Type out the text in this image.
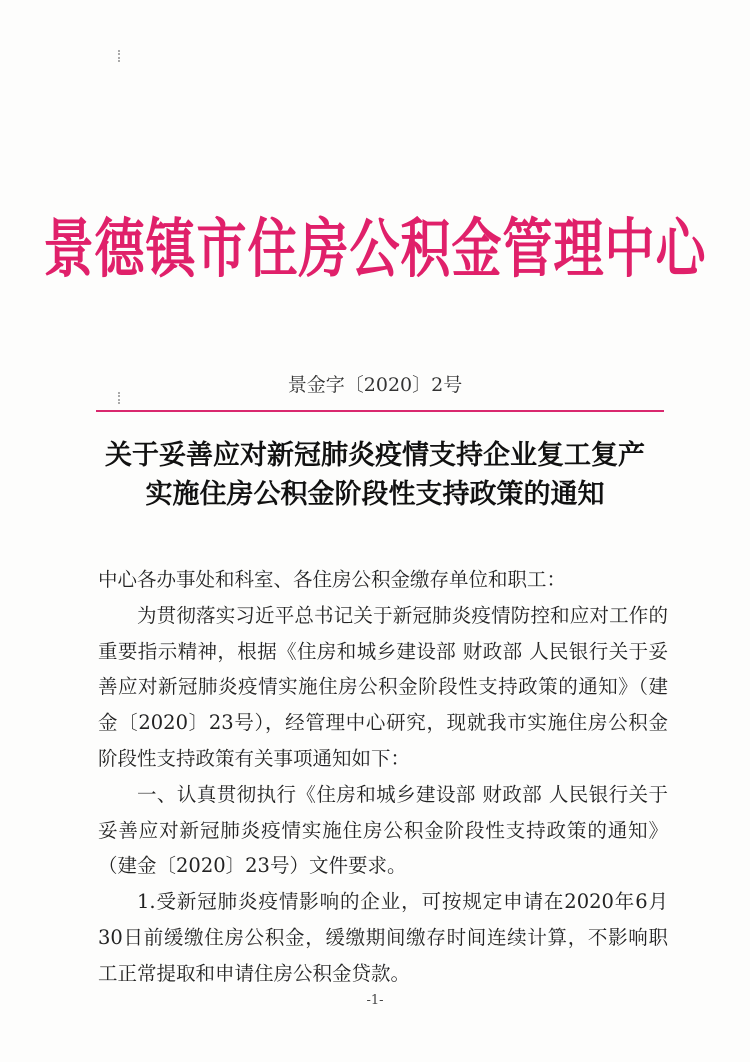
景德镇市住房公积金管理中心
景金字〔2020〕2号
关于妥善应对新冠肺炎疫情支持企业复工复产
实施住房公积金阶段性支持政策的通知

中心各办事处和科室、各住房公积金缴存单位和职工：

为贯彻落实习近平总书记关于新冠肺炎疫情防控和应对工作的重要指示精神，根据《住房和城乡建设部 财政部 人民银行关于妥善应对新冠肺炎疫情实施住房公积金阶段性支持政策的通知》（建金〔2020〕23号），经管理中心研究，现就我市实施住房公积金阶段性支持政策有关事项通知如下：

一、认真贯彻执行《住房和城乡建设部 财政部 人民银行关于妥善应对新冠肺炎疫情实施住房公积金阶段性支持政策的通知》（建金〔2020〕23号）文件要求。

1.受新冠肺炎疫情影响的企业，可按规定申请在2020年6月30日前缓缴住房公积金，缓缴期间缴存时间连续计算，不影响职工正常提取和申请住房公积金贷款。

-1-
